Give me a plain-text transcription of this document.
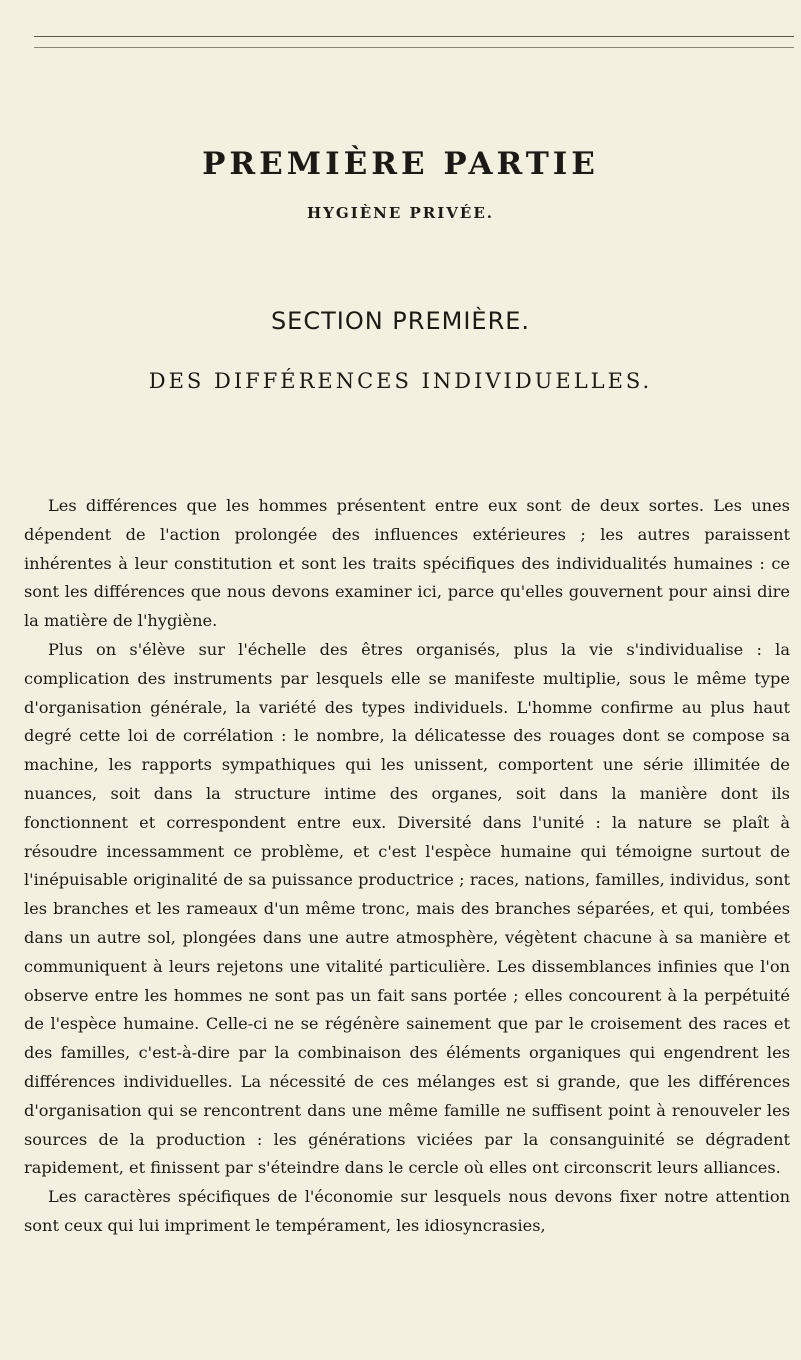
PREMIÈRE PARTIE
HYGIÈNE PRIVÉE.
SECTION PREMIÈRE.
DES DIFFÉRENCES INDIVIDUELLES.

Les différences que les hommes présentent entre eux sont de deux sortes. Les unes dépendent de l'action prolongée des influences extérieures ; les autres paraissent inhérentes à leur constitution et sont les traits spécifiques des individualités humaines : ce sont les différences que nous devons examiner ici, parce qu'elles gouvernent pour ainsi dire la matière de l'hygiène.

Plus on s'élève sur l'échelle des êtres organisés, plus la vie s'individualise : la complication des instruments par lesquels elle se manifeste multiplie, sous le même type d'organisation générale, la variété des types individuels. L'homme confirme au plus haut degré cette loi de corrélation : le nombre, la délicatesse des rouages dont se compose sa machine, les rapports sympathiques qui les unissent, comportent une série illimitée de nuances, soit dans la structure intime des organes, soit dans la manière dont ils fonctionnent et correspondent entre eux. Diversité dans l'unité : la nature se plaît à résoudre incessamment ce problème, et c'est l'espèce humaine qui témoigne surtout de l'inépuisable originalité de sa puissance productrice ; races, nations, familles, individus, sont les branches et les rameaux d'un même tronc, mais des branches séparées, et qui, tombées dans un autre sol, plongées dans une autre atmosphère, végètent chacune à sa manière et communiquent à leurs rejetons une vitalité particulière. Les dissemblances infinies que l'on observe entre les hommes ne sont pas un fait sans portée ; elles concourent à la perpétuité de l'espèce humaine. Celle-ci ne se régénère sainement que par le croisement des races et des familles, c'est-à-dire par la combinaison des éléments organiques qui engendrent les différences individuelles. La nécessité de ces mélanges est si grande, que les différences d'organisation qui se rencontrent dans une même famille ne suffisent point à renouveler les sources de la production : les générations viciées par la consanguinité se dégradent rapidement, et finissent par s'éteindre dans le cercle où elles ont circonscrit leurs alliances.

Les caractères spécifiques de l'économie sur lesquels nous devons fixer notre attention sont ceux qui lui impriment le tempérament, les idiosyncrasies,
